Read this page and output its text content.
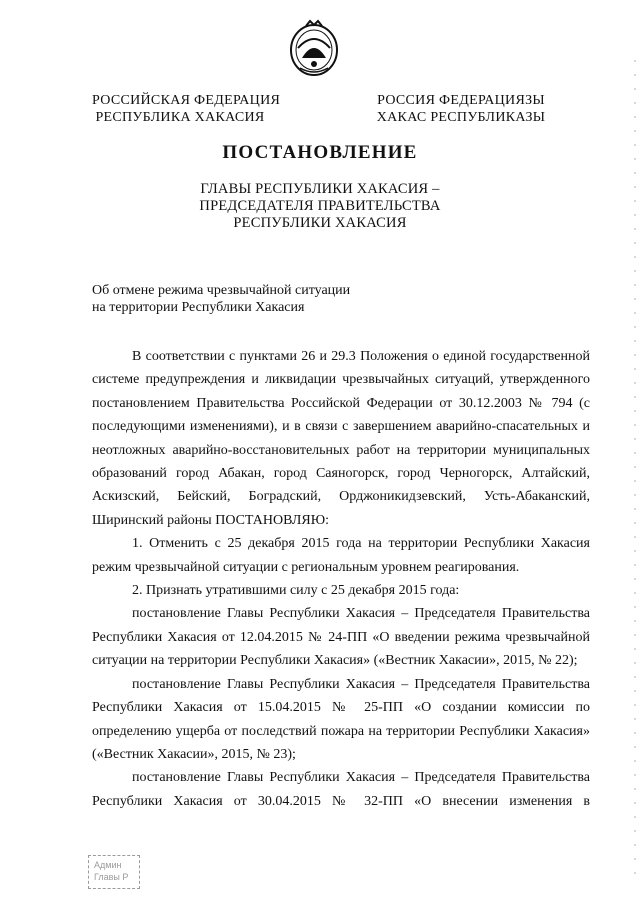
РОССИЙСКАЯ ФЕДЕРАЦИЯ
РЕСПУБЛИКА ХАКАСИЯ
РОССИЯ ФЕДЕРАЦИЯЗЫ
ХАКАС РЕСПУБЛИКАЗЫ
ПОСТАНОВЛЕНИЕ
ГЛАВЫ РЕСПУБЛИКИ ХАКАСИЯ –
ПРЕДСЕДАТЕЛЯ ПРАВИТЕЛЬСТВА
РЕСПУБЛИКИ ХАКАСИЯ
Об отмене режима чрезвычайной ситуации
на территории Республики Хакасия

В соответствии с пунктами 26 и 29.3 Положения о единой государственной системе предупреждения и ликвидации чрезвычайных ситуаций, утвержденного постановлением Правительства Российской Федерации от 30.12.2003 № 794 (с последующими изменениями), и в связи с завершением аварийно-спасательных и неотложных аварийно-восстановительных работ на территории муниципальных образований город Абакан, город Саяногорск, город Черногорск, Алтайский, Аскизский, Бейский, Боградский, Орджоникидзевский, Усть-Абаканский, Ширинский районы ПОСТАНОВЛЯЮ:

1. Отменить с 25 декабря 2015 года на территории Республики Хакасия режим чрезвычайной ситуации с региональным уровнем реагирования.

2. Признать утратившими силу с 25 декабря 2015 года:

постановление Главы Республики Хакасия – Председателя Правительства Республики Хакасия от 12.04.2015 № 24-ПП «О введении режима чрезвычайной ситуации на территории Республики Хакасия» («Вестник Хакасии», 2015, № 22);

постановление Главы Республики Хакасия – Председателя Правительства Республики Хакасия от 15.04.2015 № 25-ПП «О создании комиссии по определению ущерба от последствий пожара на территории Республики Хакасия» («Вестник Хакасии», 2015, № 23);

постановление Главы Республики Хакасия – Председателя Правительства Республики Хакасия от 30.04.2015 № 32-ПП «О внесении изменения в

Админ
Главы Р
